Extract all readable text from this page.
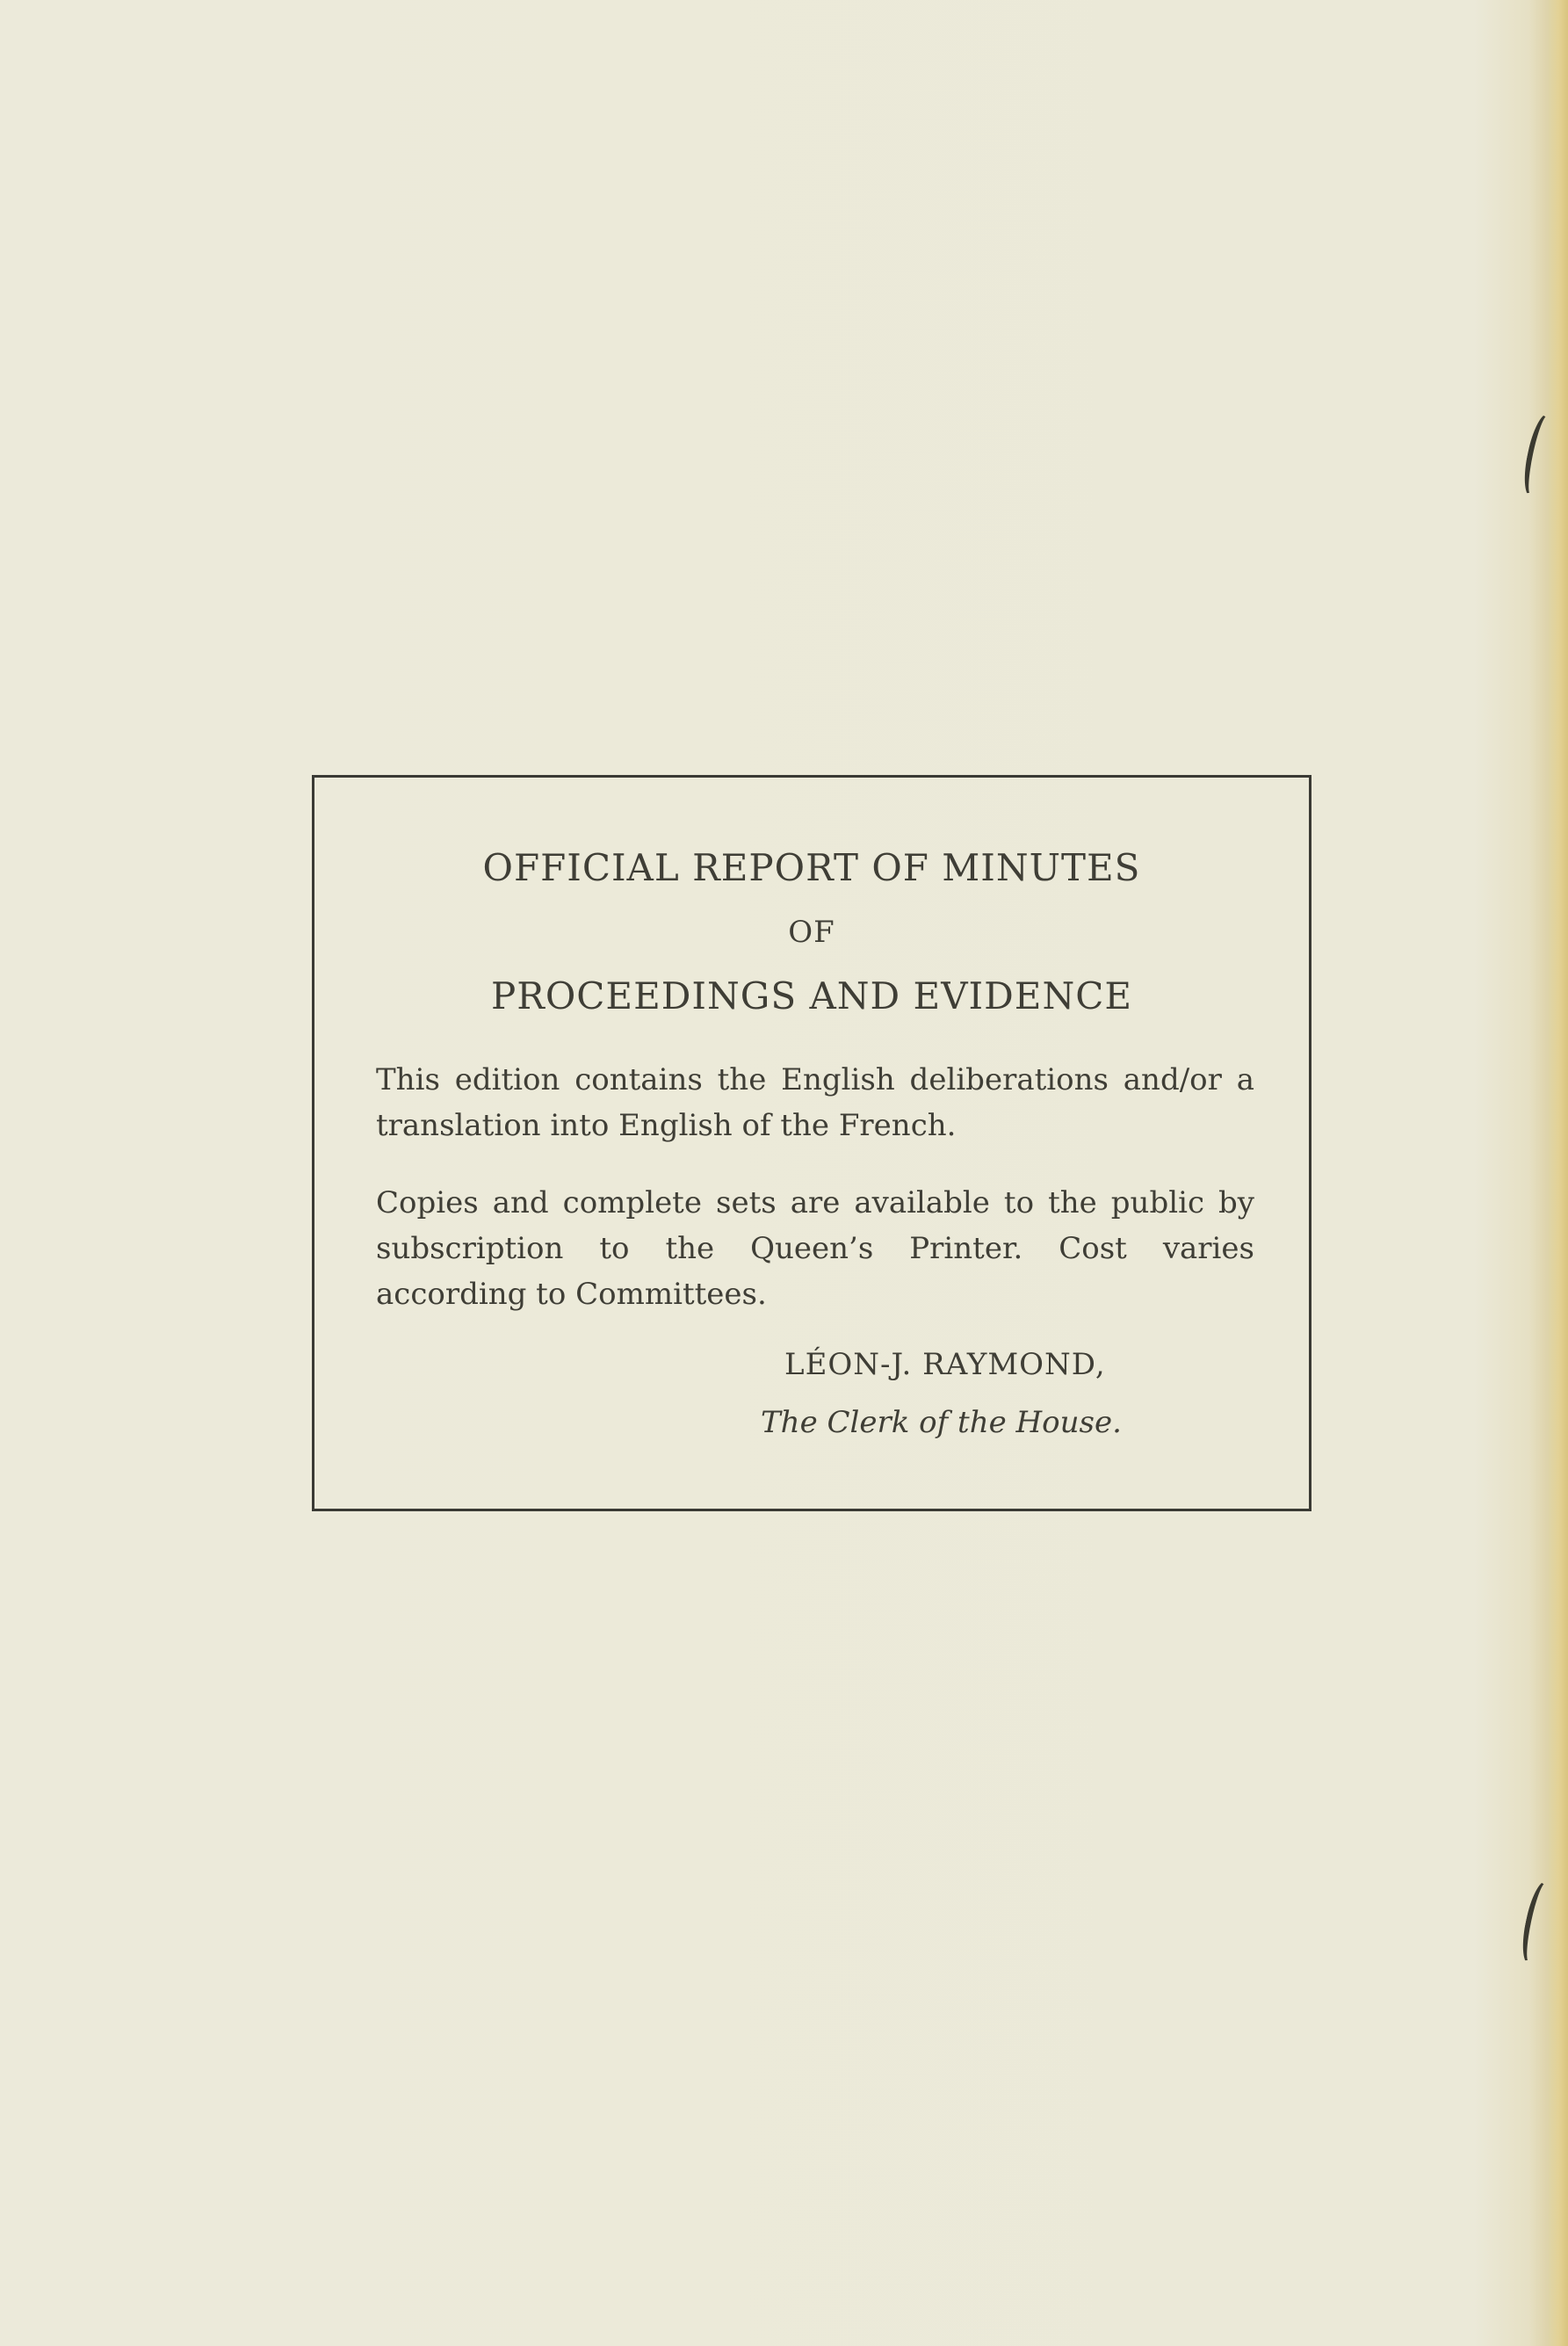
OFFICIAL REPORT OF MINUTES
OF
PROCEEDINGS AND EVIDENCE
This edition contains the English deliberations and/or a translation into English of the French.
Copies and complete sets are available to the public by subscription to the Queen’s Printer. Cost varies according to Committees.
LÉON-J. RAYMOND,
The Clerk of the House.
